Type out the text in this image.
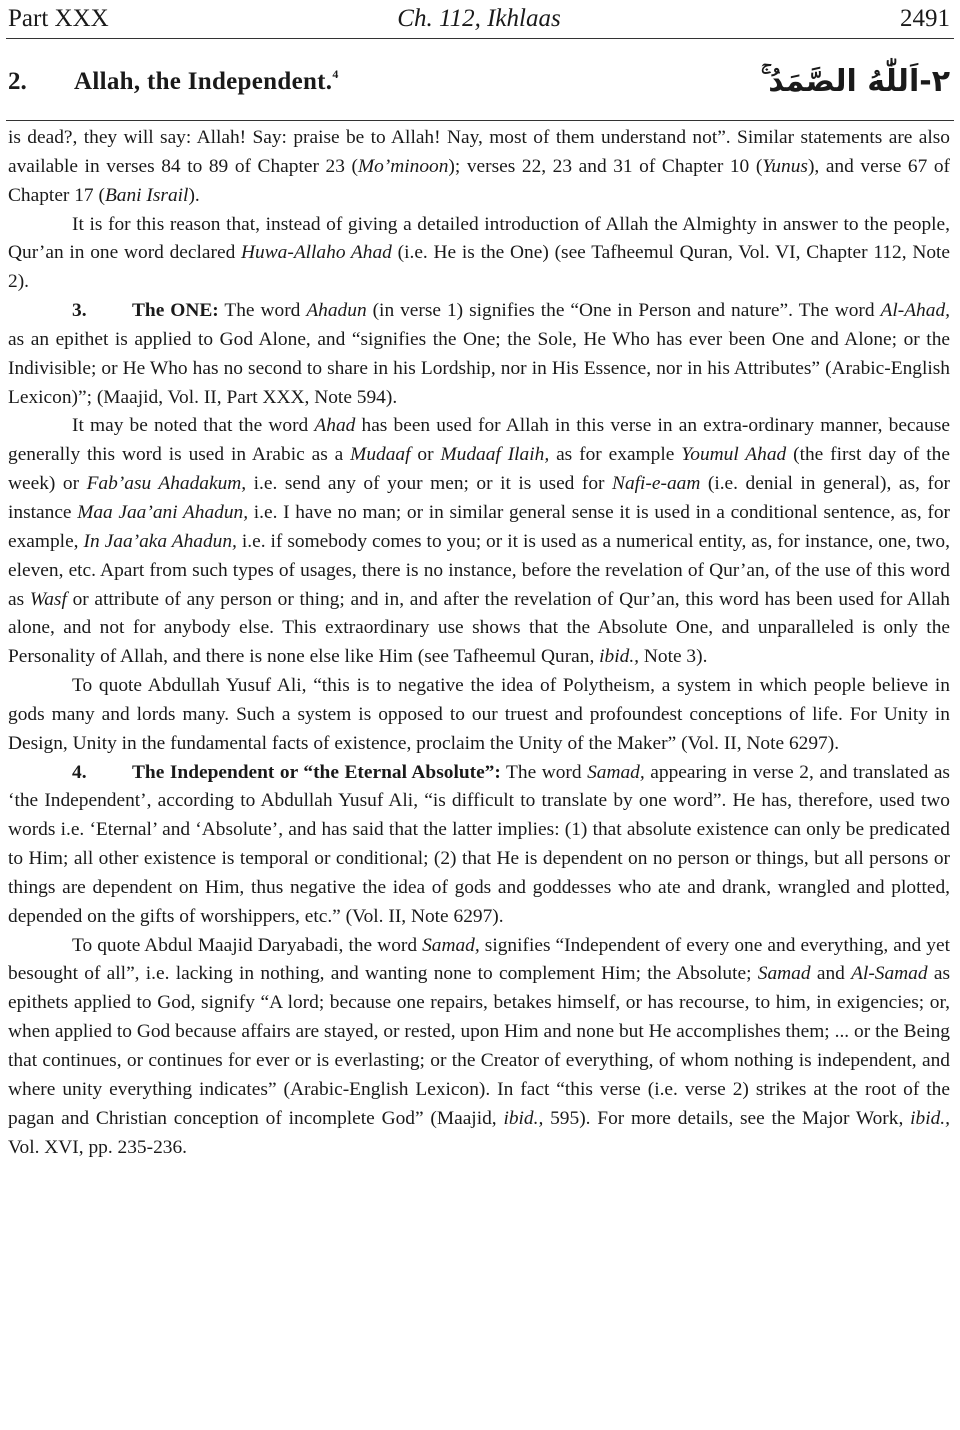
Part XXX	Ch. 112, Ikhlaas	2491
2. Allah, the Independent.$^4$	٢-اَللّٰهُ الصَّمَدُ ۚ

is dead?, they will say: Allah! Say: praise be to Allah! Nay, most of them understand not”. Similar statements are also available in verses 84 to 89 of Chapter 23 (Mo’minoon); verses 22, 23 and 31 of Chapter 10 (Yunus), and verse 67 of Chapter 17 (Bani Israil).

It is for this reason that, instead of giving a detailed introduction of Allah the Almighty in answer to the people, Qur’an in one word declared Huwa-Allaho Ahad (i.e. He is the One) (see Tafheemul Quran, Vol. VI, Chapter 112, Note 2).

3. The ONE: The word Ahadun (in verse 1) signifies the “One in Person and nature”. The word Al-Ahad, as an epithet is applied to God Alone, and “signifies the One; the Sole, He Who has ever been One and Alone; or the Indivisible; or He Who has no second to share in his Lordship, nor in His Essence, nor in his Attributes” (Arabic-English Lexicon)”; (Maajid, Vol. II, Part XXX, Note 594).

It may be noted that the word Ahad has been used for Allah in this verse in an extra-ordinary manner, because generally this word is used in Arabic as a Mudaaf or Mudaaf Ilaih, as for example Youmul Ahad (the first day of the week) or Fab’asu Ahadakum, i.e. send any of your men; or it is used for Nafi-e-aam (i.e. denial in general), as, for instance Maa Jaa’ani Ahadun, i.e. I have no man; or in similar general sense it is used in a conditional sentence, as, for example, In Jaa’aka Ahadun, i.e. if somebody comes to you; or it is used as a numerical entity, as, for instance, one, two, eleven, etc. Apart from such types of usages, there is no instance, before the revelation of Qur’an, of the use of this word as Wasf or attribute of any person or thing; and in, and after the revelation of Qur’an, this word has been used for Allah alone, and not for anybody else. This extraordinary use shows that the Absolute One, and unparalleled is only the Personality of Allah, and there is none else like Him (see Tafheemul Quran, ibid., Note 3).

To quote Abdullah Yusuf Ali, “this is to negative the idea of Polytheism, a system in which people believe in gods many and lords many. Such a system is opposed to our truest and profoundest conceptions of life. For Unity in Design, Unity in the fundamental facts of existence, proclaim the Unity of the Maker” (Vol. II, Note 6297).

4. The Independent or “the Eternal Absolute”: The word Samad, appearing in verse 2, and translated as ‘the Independent’, according to Abdullah Yusuf Ali, “is difficult to translate by one word”. He has, therefore, used two words i.e. ‘Eternal’ and ‘Absolute’, and has said that the latter implies: (1) that absolute existence can only be predicated to Him; all other existence is temporal or conditional; (2) that He is dependent on no person or things, but all persons or things are dependent on Him, thus negative the idea of gods and goddesses who ate and drank, wrangled and plotted, depended on the gifts of worshippers, etc.” (Vol. II, Note 6297).

To quote Abdul Maajid Daryabadi, the word Samad, signifies “Independent of every one and everything, and yet besought of all”, i.e. lacking in nothing, and wanting none to complement Him; the Absolute; Samad and Al-Samad as epithets applied to God, signify “A lord; because one repairs, betakes himself, or has recourse, to him, in exigencies; or, when applied to God because affairs are stayed, or rested, upon Him and none but He accomplishes them; ... or the Being that continues, or continues for ever or is everlasting; or the Creator of everything, of whom nothing is independent, and where unity everything indicates” (Arabic-English Lexicon). In fact “this verse (i.e. verse 2) strikes at the root of the pagan and Christian conception of incomplete God” (Maajid, ibid., 595). For more details, see the Major Work, ibid., Vol. XVI, pp. 235-236.
